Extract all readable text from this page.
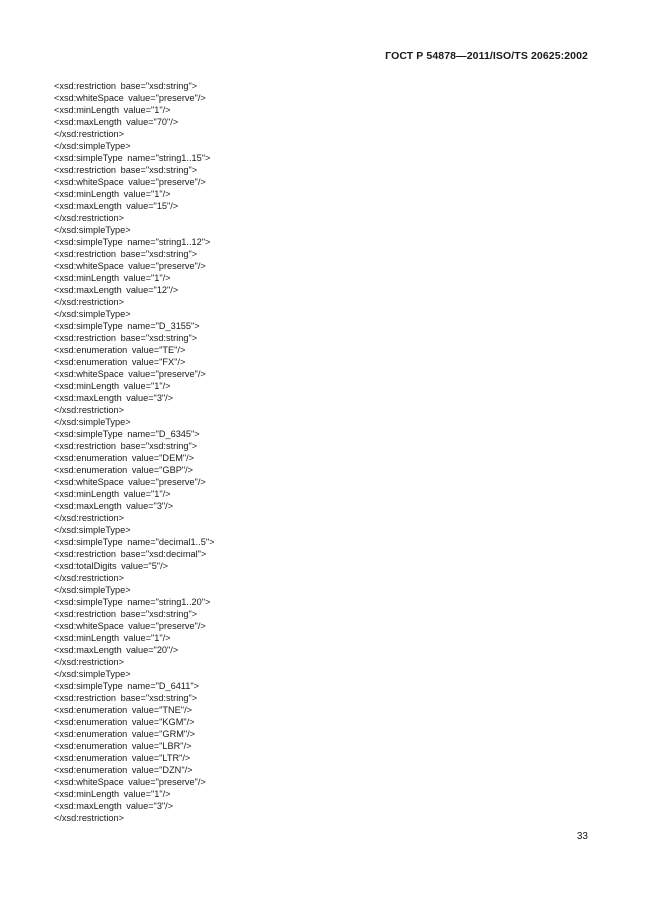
ГОСТ Р 54878—2011/ISO/TS 20625:2002
<xsd:restriction base="xsd:string">
<xsd:whiteSpace value="preserve"/>
<xsd:minLength value="1"/>
<xsd:maxLength value="70"/>
</xsd:restriction>
</xsd:simpleType>
<xsd:simpleType name="string1..15">
<xsd:restriction base="xsd:string">
<xsd:whiteSpace value="preserve"/>
<xsd:minLength value="1"/>
<xsd:maxLength value="15"/>
</xsd:restriction>
</xsd:simpleType>
<xsd:simpleType name="string1..12">
<xsd:restriction base="xsd:string">
<xsd:whiteSpace value="preserve"/>
<xsd:minLength value="1"/>
<xsd:maxLength value="12"/>
</xsd:restriction>
</xsd:simpleType>
<xsd:simpleType name="D_3155">
<xsd:restriction base="xsd:string">
<xsd:enumeration value="TE"/>
<xsd:enumeration value="FX"/>
<xsd:whiteSpace value="preserve"/>
<xsd:minLength value="1"/>
<xsd:maxLength value="3"/>
</xsd:restriction>
</xsd:simpleType>
<xsd:simpleType name="D_6345">
<xsd:restriction base="xsd:string">
<xsd:enumeration value="DEM"/>
<xsd:enumeration value="GBP"/>
<xsd:whiteSpace value="preserve"/>
<xsd:minLength value="1"/>
<xsd:maxLength value="3"/>
</xsd:restriction>
</xsd:simpleType>
<xsd:simpleType name="decimal1..5">
<xsd:restriction base="xsd:decimal">
<xsd:totalDigits value="5"/>
</xsd:restriction>
</xsd:simpleType>
<xsd:simpleType name="string1..20">
<xsd:restriction base="xsd:string">
<xsd:whiteSpace value="preserve"/>
<xsd:minLength value="1"/>
<xsd:maxLength value="20"/>
</xsd:restriction>
</xsd:simpleType>
<xsd:simpleType name="D_6411">
<xsd:restriction base="xsd:string">
<xsd:enumeration value="TNE"/>
<xsd:enumeration value="KGM"/>
<xsd:enumeration value="GRM"/>
<xsd:enumeration value="LBR"/>
<xsd:enumeration value="LTR"/>
<xsd:enumeration value="DZN"/>
<xsd:whiteSpace value="preserve"/>
<xsd:minLength value="1"/>
<xsd:maxLength value="3"/>
</xsd:restriction>
33
